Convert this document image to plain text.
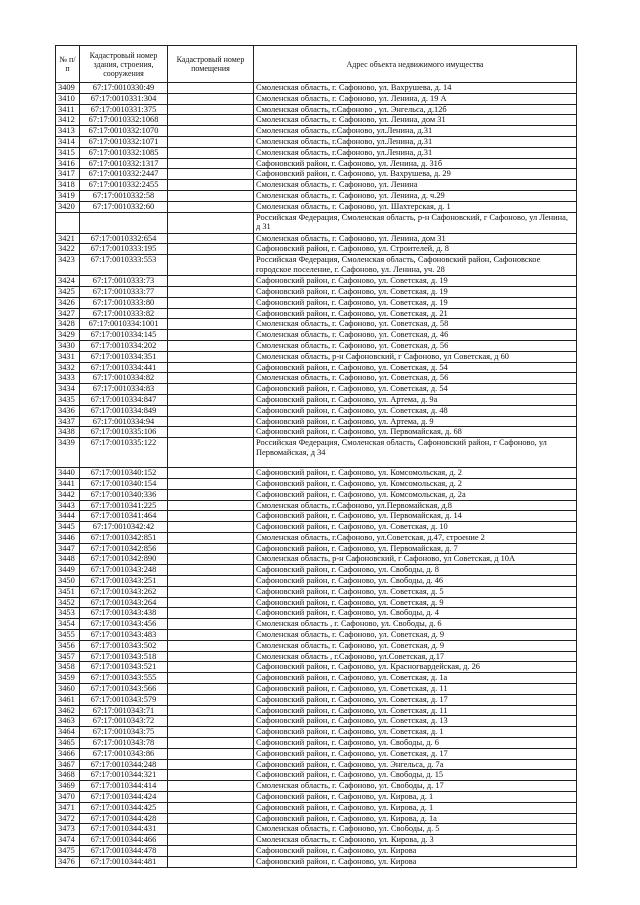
№ п/п	Кадастровый номер здания, строения, сооружения	Кадастровый номер помещения	Адрес объекта недвижимого имущества
3409	67:17:0010330:49		Смоленская область, г. Сафоново, ул. Вахрушева, д. 14
3410	67:17:0010331:304		Смоленская область, г. Сафоново, ул. Ленина, д. 19 А
3411	67:17:0010331:375		Смоленская область, г.Сафоново , ул. Энгельса, д.12б
3412	67:17:0010332:1068		Смоленская область, г. Сафоново, ул. Ленина, дом 31
3413	67:17:0010332:1070		Смоленская область, г.Сафоново, ул.Ленина, д.31
3414	67:17:0010332:1071		Смоленская область, г.Сафоново, ул.Ленина, д.31
3415	67:17:0010332:1085		Смоленская область, г.Сафоново, ул.Ленина, д.31
3416	67:17:0010332:1317		Сафоновский район, г. Сафоново, ул. Ленина, д. 31б
3417	67:17:0010332:2447		Сафоновский район, г. Сафоново, ул. Вахрушева, д. 29
3418	67:17:0010332:2455		Смоленская область, г. Сафоново, ул. Ленина
3419	67:17:0010332:58		Смоленская область, г. Сафоново, ул. Ленина, д. ч.29
3420	67:17:0010332:60		Смоленская область, г. Сафоново, ул. Шахтерская, д. 1
			Российская Федерация, Смоленская область, р-н Сафоновский, г Сафоново, ул Ленина, д 31
3421	67:17:0010332:654		Смоленская область, г. Сафоново, ул. Ленина, дом 31
3422	67:17:0010333:195		Сафоновский район, г. Сафоново, ул. Строителей, д. 8
3423	67:17:0010333:553		Российская Федерация, Смоленская область, Сафоновский район, Сафоновское городское поселение, г. Сафоново, ул. Ленина, уч. 28
3424	67:17:0010333:73		Сафоновский район, г. Сафоново, ул. Советская, д. 19
3425	67:17:0010333:77		Сафоновский район, г. Сафоново, ул. Советская, д. 19
3426	67:17:0010333:80		Сафоновский район, г. Сафоново, ул. Советская, д. 19
3427	67:17:0010333:82		Сафоновский район, г. Сафоново, ул. Советская, д. 21
3428	67:17:0010334:1001		Смоленская область, г. Сафоново, ул. Советская, д. 58
3429	67:17:0010334:145		Смоленская область, г. Сафоново, ул. Советская, д. 46
3430	67:17:0010334:202		Смоленская область, г. Сафоново, ул. Советская, д. 56
3431	67:17:0010334:351		Смоленская область, р-н Сафоновский, г Сафоново, ул Советская, д 60
3432	67:17:0010334:441		Сафоновский район, г. Сафоново, ул. Советская, д. 54
3433	67:17:0010334:82		Смоленская область, г. Сафоново, ул. Советская, д. 56
3434	67:17:0010334:83		Сафоновский район, г. Сафоново, ул. Советская, д. 54
3435	67:17:0010334:847		Сафоновский район, г. Сафоново, ул. Артема, д. 9а
3436	67:17:0010334:849		Сафоновский район, г. Сафоново, ул. Советская, д. 48
3437	67:17:0010334:94		Сафоновский район, г. Сафоново, ул. Артема, д. 9
3438	67:17:0010335:106		Сафоновский район, г. Сафоново, ул. Первомайская, д. 68
3439	67:17:0010335:122		Российская Федерация, Смоленская область, Сафоновский район, г Сафоново, ул Первомайская, д 34
3440	67:17:0010340:152		Сафоновский район, г. Сафоново, ул. Комсомольская, д. 2
3441	67:17:0010340:154		Сафоновский район, г. Сафоново, ул. Комсомольская, д. 2
3442	67:17:0010340:336		Сафоновский район, г. Сафоново, ул. Комсомольская, д. 2а
3443	67:17:0010341:225		Смоленская область, г.Сафоново, ул.Первомайская, д.8
3444	67:17:0010341:464		Сафоновский район, г. Сафоново, ул. Первомайская, д. 14
3445	67:17:0010342:42		Сафоновский район, г. Сафоново, ул. Советская, д. 10
3446	67:17:0010342:851		Смоленская область, г.Сафоново, ул.Советская, д.47, строение 2
3447	67:17:0010342:856		Сафоновский район, г. Сафоново, ул. Первомайская, д. 7
3448	67:17:0010342:890		Смоленская область, р-н Сафоновский, г Сафоново, ул Советская, д 10А
3449	67:17:0010343:248		Сафоновский район, г. Сафоново, ул. Свободы, д. 8
3450	67:17:0010343:251		Сафоновский район, г. Сафоново, ул. Свободы, д. 46
3451	67:17:0010343:262		Сафоновский район, г. Сафоново, ул. Советская, д. 5
3452	67:17:0010343:264		Сафоновский район, г. Сафоново, ул. Советская, д. 9
3453	67:17:0010343:438		Сафоновский район, г. Сафоново, ул. Свободы, д. 4
3454	67:17:0010343:456		Смоленская область , г. Сафоново, ул. Свободы, д. 6
3455	67:17:0010343:483		Смоленская область, г. Сафоново, ул. Советская, д. 9
3456	67:17:0010343:502		Смоленская область, г. Сафоново, ул. Советская, д. 9
3457	67:17:0010343:518		Смоленская область , г.Сафоново, ул.Советская, д.17
3458	67:17:0010343:521		Сафоновский район, г. Сафоново, ул. Красногвардейская, д. 26
3459	67:17:0010343:555		Сафоновский район, г. Сафоново, ул. Советская, д. 1а
3460	67:17:0010343:566		Сафоновский район, г. Сафоново, ул. Советская, д. 11
3461	67:17:0010343:579		Сафоновский район, г. Сафоново, ул. Советская, д. 17
3462	67:17:0010343:71		Сафоновский район, г. Сафоново, ул. Советская, д. 11
3463	67:17:0010343:72		Сафоновский район, г. Сафоново, ул. Советская, д. 13
3464	67:17:0010343:75		Сафоновский район, г. Сафоново, ул. Советская, д. 1
3465	67:17:0010343:78		Сафоновский район, г. Сафоново, ул. Свободы, д. 6
3466	67:17:0010343:86		Сафоновский район, г. Сафоново, ул. Советская, д. 17
3467	67:17:0010344:248		Сафоновский район, г. Сафоново, ул. Энгельса, д. 7а
3468	67:17:0010344:321		Сафоновский район, г. Сафоново, ул. Свободы, д. 15
3469	67:17:0010344:414		Смоленская область, г. Сафоново, ул. Свободы, д. 17
3470	67:17:0010344:424		Сафоновский район, г. Сафоново, ул. Кирова, д. 1
3471	67:17:0010344:425		Сафоновский район, г. Сафоново, ул. Кирова, д. 1
3472	67:17:0010344:428		Сафоновский район, г. Сафоново, ул. Кирова, д. 1а
3473	67:17:0010344:431		Смоленская область, г. Сафоново, ул. Свободы, д. 5
3474	67:17:0010344:466		Смоленская область, г. Сафоново, ул. Кирова, д. 3
3475	67:17:0010344:478		Сафоновский район, г. Сафоново, ул. Кирова
3476	67:17:0010344:481		Сафоновский район, г. Сафоново, ул. Кирова
